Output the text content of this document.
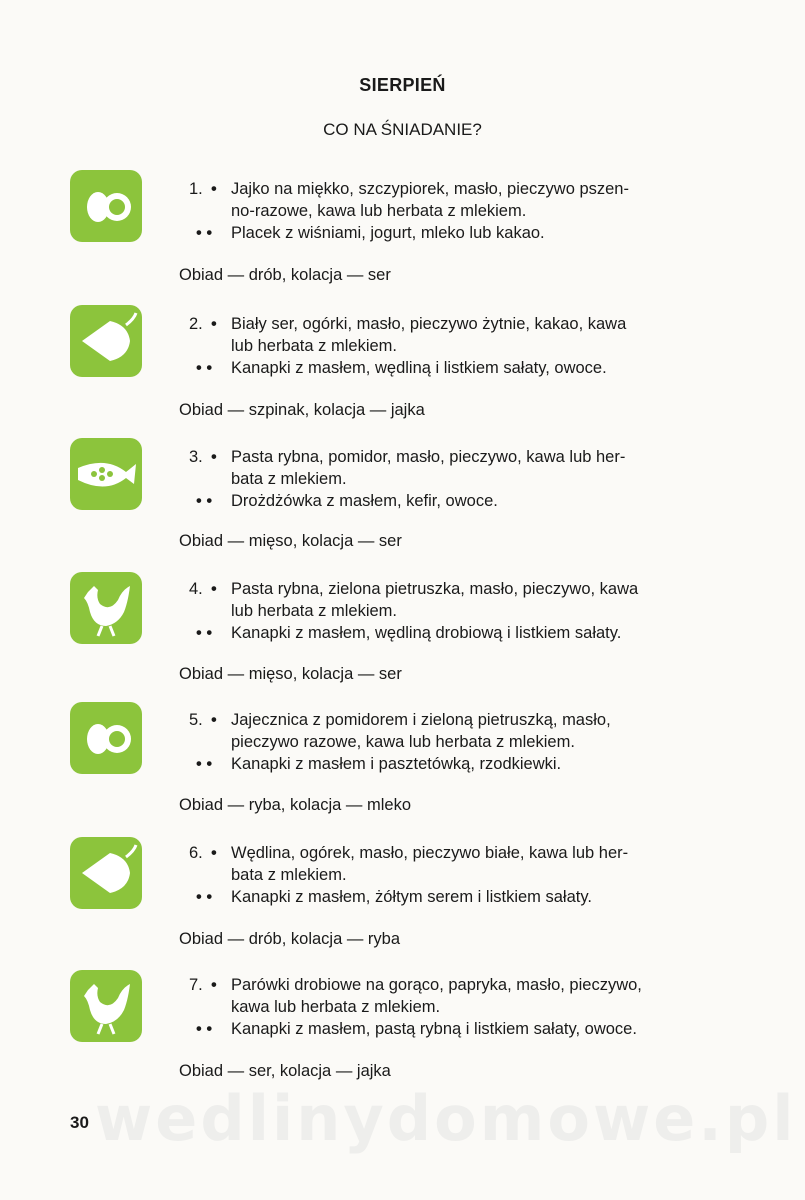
SIERPIEŃ
CO NA ŚNIADANIE?
1. • Jajko na miękko, szczypiorek, masło, pieczywo pszen-
no-razowe, kawa lub herbata z mlekiem.
• • Placek z wiśniami, jogurt, mleko lub kakao.
Obiad — drób, kolacja — ser
2. • Biały ser, ogórki, masło, pieczywo żytnie, kakao, kawa
lub herbata z mlekiem.
• • Kanapki z masłem, wędliną i listkiem sałaty, owoce.
Obiad — szpinak, kolacja — jajka
3. • Pasta rybna, pomidor, masło, pieczywo, kawa lub her-
bata z mlekiem.
• • Drożdżówka z masłem, kefir, owoce.
Obiad — mięso, kolacja — ser
4. • Pasta rybna, zielona pietruszka, masło, pieczywo, kawa
lub herbata z mlekiem.
• • Kanapki z masłem, wędliną drobiową i listkiem sałaty.
Obiad — mięso, kolacja — ser
5. • Jajecznica z pomidorem i zieloną pietruszką, masło,
pieczywo razowe, kawa lub herbata z mlekiem.
• • Kanapki z masłem i pasztetówką, rzodkiewki.
Obiad — ryba, kolacja — mleko
6. • Wędlina, ogórek, masło, pieczywo białe, kawa lub her-
bata z mlekiem.
• • Kanapki z masłem, żółtym serem i listkiem sałaty.
Obiad — drób, kolacja — ryba
7. • Parówki drobiowe na gorąco, papryka, masło, pieczywo,
kawa lub herbata z mlekiem.
• • Kanapki z masłem, pastą rybną i listkiem sałaty, owoce.
Obiad — ser, kolacja — jajka
wedlinydomowe.pl
30
